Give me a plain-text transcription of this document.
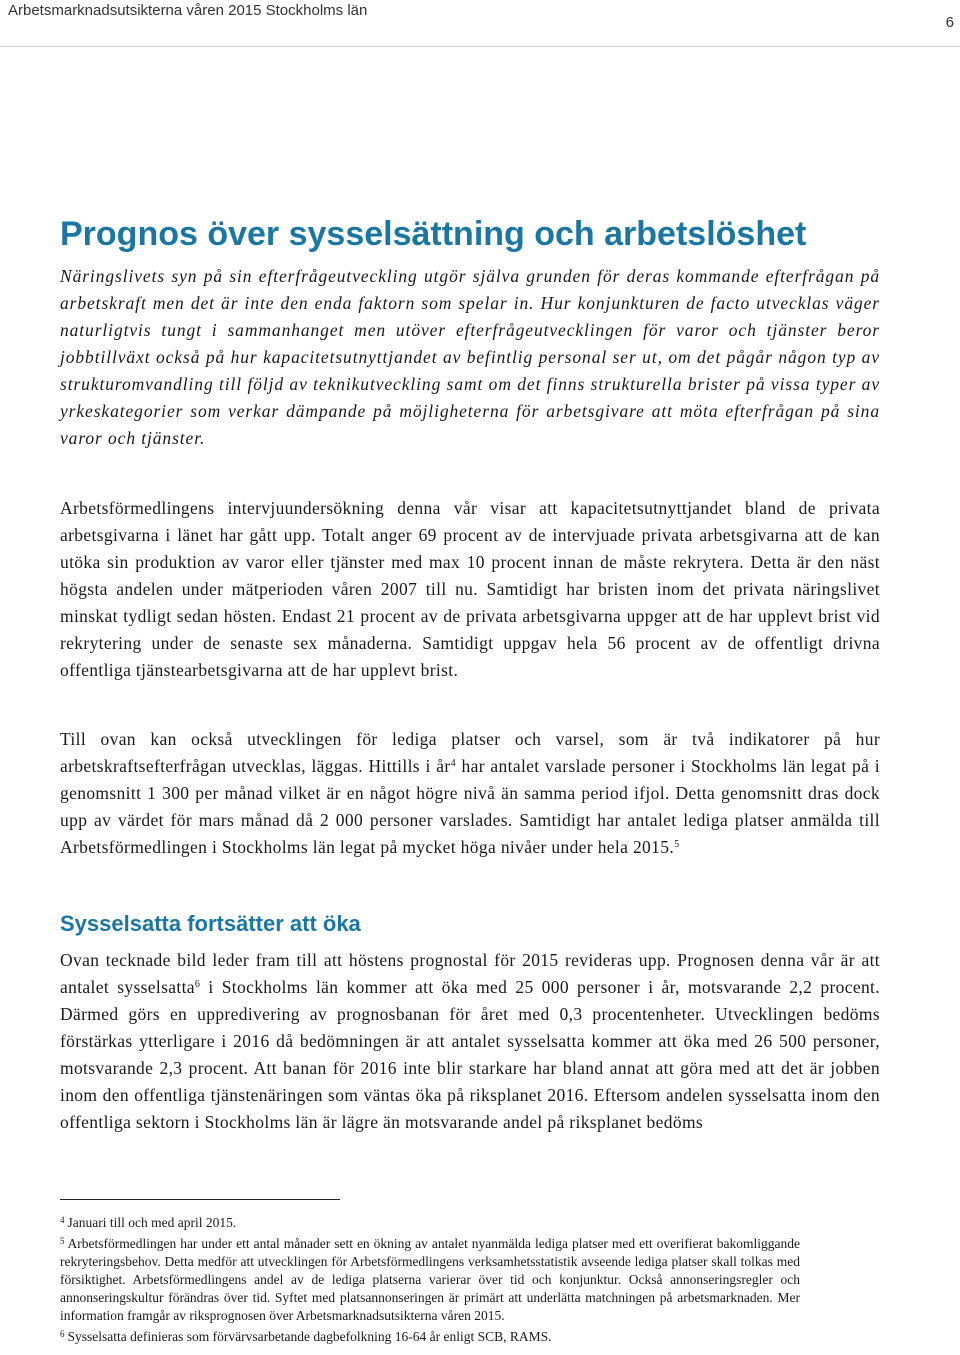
Arbetsmarknadsutsikterna våren 2015 Stockholms län
6
Prognos över sysselsättning och arbetslöshet

Näringslivets syn på sin efterfrågeutveckling utgör själva grunden för deras kommande efterfrågan på arbetskraft men det är inte den enda faktorn som spelar in. Hur konjunkturen de facto utvecklas väger naturligtvis tungt i sammanhanget men utöver efterfrågeutvecklingen för varor och tjänster beror jobbtillväxt också på hur kapacitetsutnyttjandet av befintlig personal ser ut, om det pågår någon typ av strukturomvandling till följd av teknikutveckling samt om det finns strukturella brister på vissa typer av yrkeskategorier som verkar dämpande på möjligheterna för arbetsgivare att möta efterfrågan på sina varor och tjänster.

Arbetsförmedlingens intervjuundersökning denna vår visar att kapacitetsutnyttjandet bland de privata arbetsgivarna i länet har gått upp. Totalt anger 69 procent av de intervjuade privata arbetsgivarna att de kan utöka sin produktion av varor eller tjänster med max 10 procent innan de måste rekrytera. Detta är den näst högsta andelen under mätperioden våren 2007 till nu. Samtidigt har bristen inom det privata näringslivet minskat tydligt sedan hösten. Endast 21 procent av de privata arbetsgivarna uppger att de har upplevt brist vid rekrytering under de senaste sex månaderna. Samtidigt uppgav hela 56 procent av de offentligt drivna offentliga tjänstearbetsgivarna att de har upplevt brist.

Till ovan kan också utvecklingen för lediga platser och varsel, som är två indikatorer på hur arbetskraftsefterfrågan utvecklas, läggas. Hittills i $år^4$ har antalet varslade personer i Stockholms län legat på i genomsnitt 1 300 per månad vilket är en något högre nivå än samma period ifjol. Detta genomsnitt dras dock upp av värdet för mars månad då 2 000 personer varslades. Samtidigt har antalet lediga platser anmälda till Arbetsförmedlingen i Stockholms län legat på mycket höga nivåer under hela 2015.$^5$

Sysselsatta fortsätter att öka

Ovan tecknade bild leder fram till att höstens prognostal för 2015 revideras upp. Prognosen denna vår är att antalet sysselsatta$^6$ i Stockholms län kommer att öka med 25 000 personer i år, motsvarande 2,2 procent. Därmed görs en uppredivering av prognosbanan för året med 0,3 procentenheter. Utvecklingen bedöms förstärkas ytterligare i 2016 då bedömningen är att antalet sysselsatta kommer att öka med 26 500 personer, motsvarande 2,3 procent. Att banan för 2016 inte blir starkare har bland annat att göra med att det är jobben inom den offentliga tjänstenäringen som väntas öka på riksplanet 2016. Eftersom andelen sysselsatta inom den offentliga sektorn i Stockholms län är lägre än motsvarande andel på riksplanet bedöms

$^4$ Januari till och med april 2015.

$^5$ Arbetsförmedlingen har under ett antal månader sett en ökning av antalet nyanmälda lediga platser med ett overifierat bakomliggande rekryteringsbehov. Detta medför att utvecklingen för Arbetsförmedlingens verksamhetsstatistik avseende lediga platser skall tolkas med försiktighet. Arbetsförmedlingens andel av de lediga platserna varierar över tid och konjunktur. Också annonseringsregler och annonseringskultur förändras över tid. Syftet med platsannonseringen är primärt att underlätta matchningen på arbetsmarknaden. Mer information framgår av riksprognosen över Arbetsmarknadsutsikterna våren 2015.

$^6$ Sysselsatta definieras som förvärvsarbetande dagbefolkning 16-64 år enligt SCB, RAMS.
